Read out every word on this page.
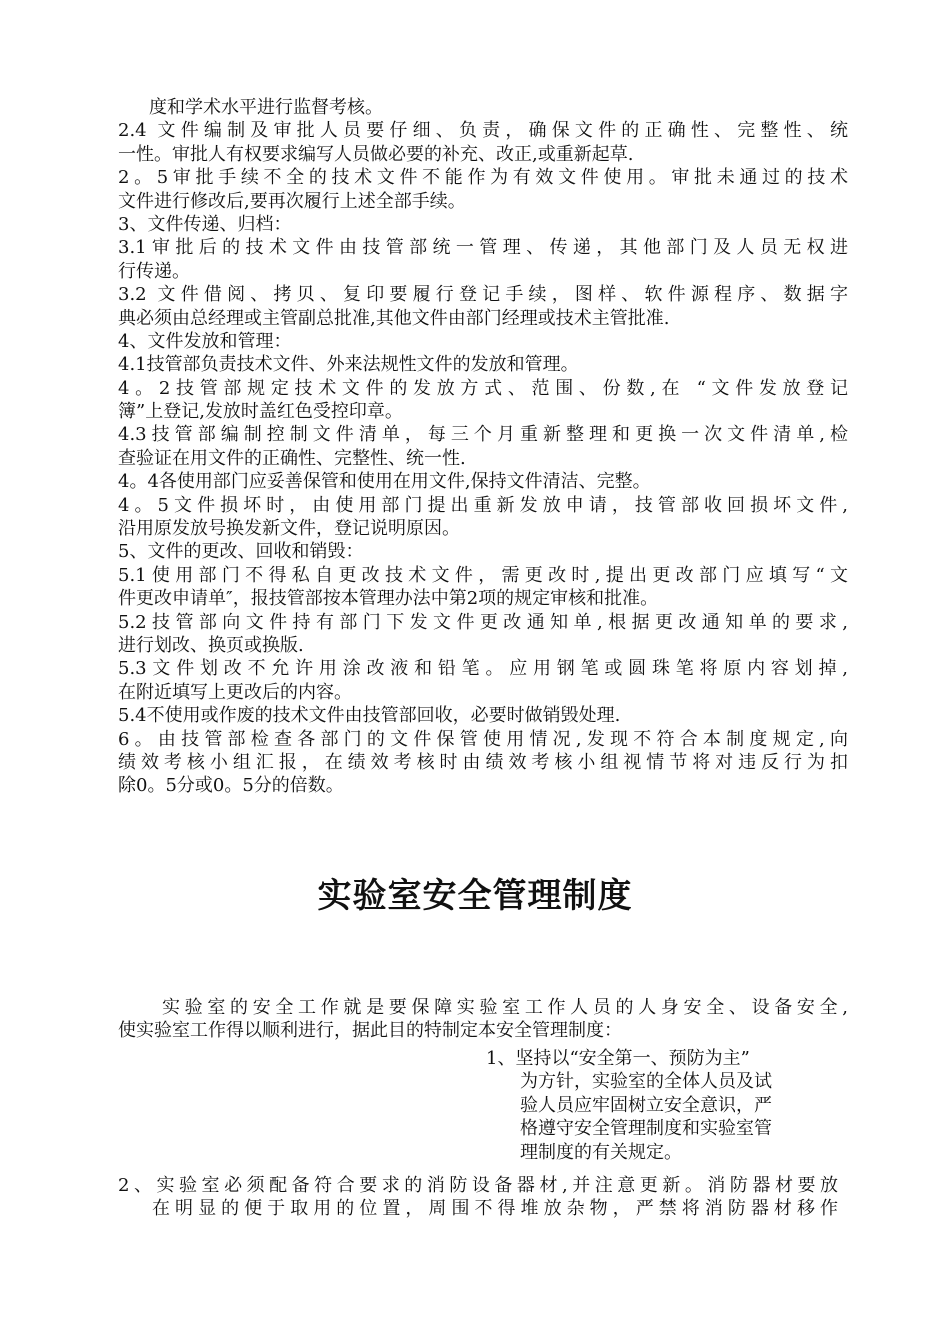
度和学术水平进行监督考核。
2.4 文件编制及审批人员要仔细、负责，确保文件的正确性、完整性、统
一性。审批人有权要求编写人员做必要的补充、改正,或重新起草.
2。5审批手续不全的技术文件不能作为有效文件使用。审批未通过的技术
文件进行修改后,要再次履行上述全部手续。
3、文件传递、归档：
3.1审批后的技术文件由技管部统一管理、传递，其他部门及人员无权进
行传递。
3.2 文件借阅、拷贝、复印要履行登记手续，图样、软件源程序、数据字
典必须由总经理或主管副总批准,其他文件由部门经理或技术主管批准.
4、文件发放和管理：
4.1技管部负责技术文件、外来法规性文件的发放和管理。
4。2技管部规定技术文件的发放方式、范围、份数,在 “文件发放登记
簿”上登记,发放时盖红色受控印章。
4.3技管部编制控制文件清单，每三个月重新整理和更换一次文件清单,检
查验证在用文件的正确性、完整性、统一性.
4。4各使用部门应妥善保管和使用在用文件,保持文件清洁、完整。
4。5文件损坏时，由使用部门提出重新发放申请，技管部收回损坏文件,
沿用原发放号换发新文件，登记说明原因。
5、文件的更改、回收和销毁：
5.1使用部门不得私自更改技术文件，需更改时,提出更改部门应填写“文
件更改申请单″，报技管部按本管理办法中第2项的规定审核和批准。
5.2技管部向文件持有部门下发文件更改通知单,根据更改通知单的要求,
进行划改、换页或换版.
5.3文件划改不允许用涂改液和铅笔。应用钢笔或圆珠笔将原内容划掉,
在附近填写上更改后的内容。
5.4不使用或作废的技术文件由技管部回收，必要时做销毁处理.
6。由技管部检查各部门的文件保管使用情况,发现不符合本制度规定,向
绩效考核小组汇报，在绩效考核时由绩效考核小组视情节将对违反行为扣
除0。5分或0。5分的倍数。
实验室安全管理制度
实验室的安全工作就是要保障实验室工作人员的人身安全、设备安全,
使实验室工作得以顺利进行，据此目的特制定本安全管理制度：
1、坚持以“安全第一、预防为主”
为方针，实验室的全体人员及试
验人员应牢固树立安全意识，严
格遵守安全管理制度和实验室管
理制度的有关规定。
2、实验室必须配备符合要求的消防设备器材,并注意更新。消防器材要放
在明显的便于取用的位置，周围不得堆放杂物，严禁将消防器材移作
